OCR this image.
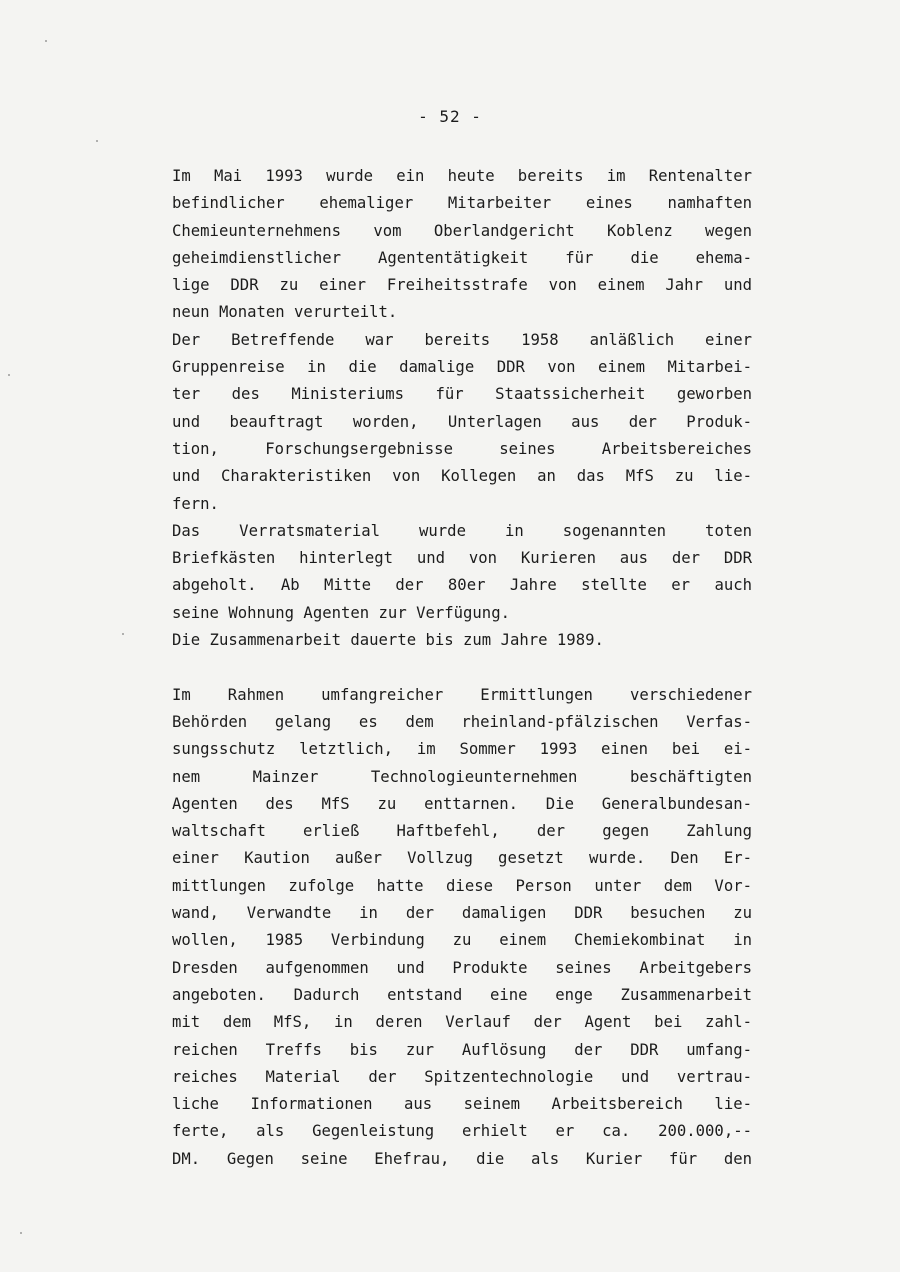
- 52 -

Im Mai 1993 wurde ein heute bereits im Rentenalter
befindlicher ehemaliger Mitarbeiter eines namhaften
Chemieunternehmens vom Oberlandgericht Koblenz wegen
geheimdienstlicher Agententätigkeit für die ehema-
lige DDR zu einer Freiheitsstrafe von einem Jahr und
neun Monaten verurteilt.
Der Betreffende war bereits 1958 anläßlich einer
Gruppenreise in die damalige DDR von einem Mitarbei-
ter des Ministeriums für Staatssicherheit geworben
und beauftragt worden, Unterlagen aus der Produk-
tion, Forschungsergebnisse seines Arbeitsbereiches
und Charakteristiken von Kollegen an das MfS zu lie-
fern.
Das Verratsmaterial wurde in sogenannten toten
Briefkästen hinterlegt und von Kurieren aus der DDR
abgeholt. Ab Mitte der 80er Jahre stellte er auch
seine Wohnung Agenten zur Verfügung.
Die Zusammenarbeit dauerte bis zum Jahre 1989.
Im Rahmen umfangreicher Ermittlungen verschiedener
Behörden gelang es dem rheinland-pfälzischen Verfas-
sungsschutz letztlich, im Sommer 1993 einen bei ei-
nem Mainzer Technologieunternehmen beschäftigten
Agenten des MfS zu enttarnen. Die Generalbundesan-
waltschaft erließ Haftbefehl, der gegen Zahlung
einer Kaution außer Vollzug gesetzt wurde. Den Er-
mittlungen zufolge hatte diese Person unter dem Vor-
wand, Verwandte in der damaligen DDR besuchen zu
wollen, 1985 Verbindung zu einem Chemiekombinat in
Dresden aufgenommen und Produkte seines Arbeitgebers
angeboten. Dadurch entstand eine enge Zusammenarbeit
mit dem MfS, in deren Verlauf der Agent bei zahl-
reichen Treffs bis zur Auflösung der DDR umfang-
reiches Material der Spitzentechnologie und vertrau-
liche Informationen aus seinem Arbeitsbereich lie-
ferte, als Gegenleistung erhielt er ca. 200.000,--
DM. Gegen seine Ehefrau, die als Kurier für den
